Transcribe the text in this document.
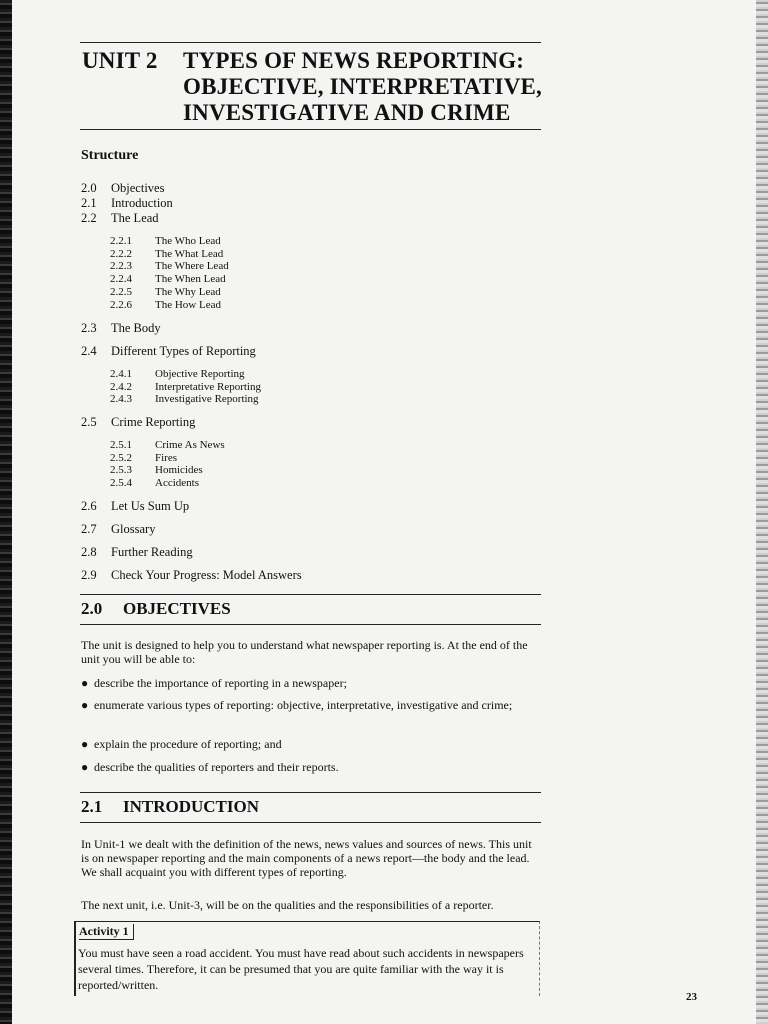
UNIT 2 TYPES OF NEWS REPORTING:
OBJECTIVE, INTERPRETATIVE,
INVESTIGATIVE AND CRIME
Structure
2.0 Objectives
2.1 Introduction
2.2 The Lead
2.2.1 The Who Lead
2.2.2 The What Lead
2.2.3 The Where Lead
2.2.4 The When Lead
2.2.5 The Why Lead
2.2.6 The How Lead
2.3 The Body
2.4 Different Types of Reporting
2.4.1 Objective Reporting
2.4.2 Interpretative Reporting
2.4.3 Investigative Reporting
2.5 Crime Reporting
2.5.1 Crime As News
2.5.2 Fires
2.5.3 Homicides
2.5.4 Accidents
2.6 Let Us Sum Up
2.7 Glossary
2.8 Further Reading
2.9 Check Your Progress: Model Answers
2.0 OBJECTIVES
The unit is designed to help you to understand what newspaper reporting is. At the end of the unit you will be able to:
● describe the importance of reporting in a newspaper;
● enumerate various types of reporting: objective, interpretative, investigative and crime;
● explain the procedure of reporting; and
● describe the qualities of reporters and their reports.
2.1 INTRODUCTION
In Unit-1 we dealt with the definition of the news, news values and sources of news. This unit is on newspaper reporting and the main components of a news report—the body and the lead. We shall acquaint you with different types of reporting.
The next unit, i.e. Unit-3, will be on the qualities and the responsibilities of a reporter.
Activity 1
You must have seen a road accident. You must have read about such accidents in newspapers several times. Therefore, it can be presumed that you are quite familiar with the way it is reported/written.
23
